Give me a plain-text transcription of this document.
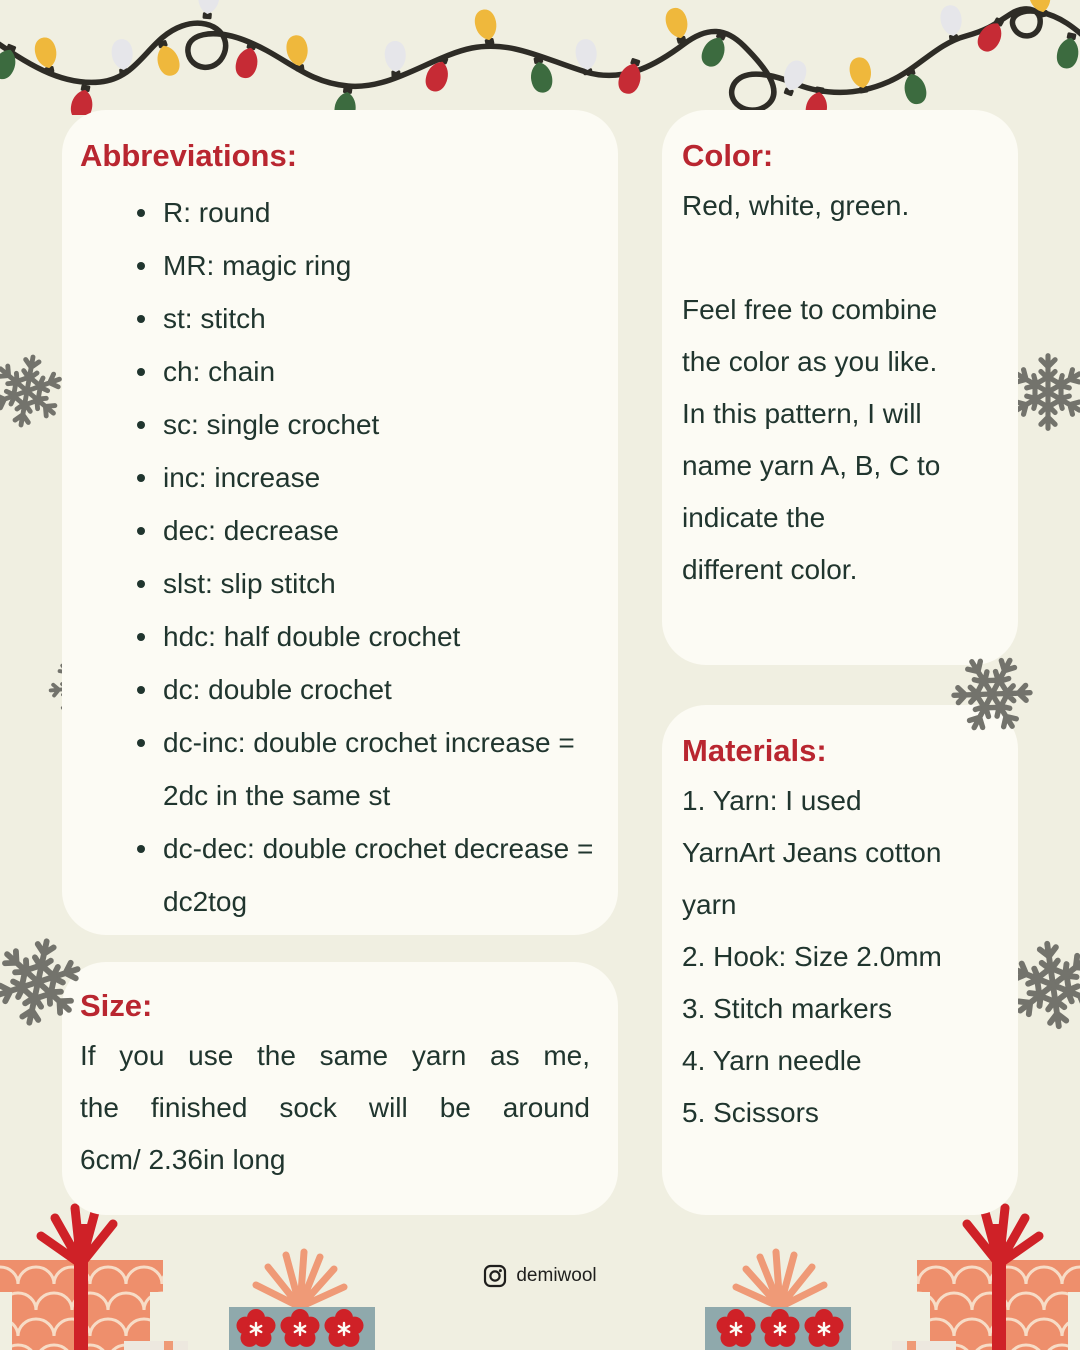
Abbreviations:
R: round
MR: magic ring
st: stitch
ch: chain
sc: single crochet
inc: increase
dec: decrease
slst: slip stitch
hdc: half double crochet
dc: double crochet
dc-inc: double crochet increase = 2dc in the same st
dc-dec: double crochet decrease = dc2tog
Color:
Red, white, green.
Feel free to combine
the color as you like.
In this pattern, I will
name yarn A, B, C to
indicate the
different color.
Materials:
1. Yarn: I used
YarnArt Jeans cotton
yarn
2. Hook: Size 2.0mm
3. Stitch markers
4. Yarn needle
5. Scissors
Size:
If you use the same yarn as me,
the finished sock will be around
6cm/ 2.36in long
demiwool
